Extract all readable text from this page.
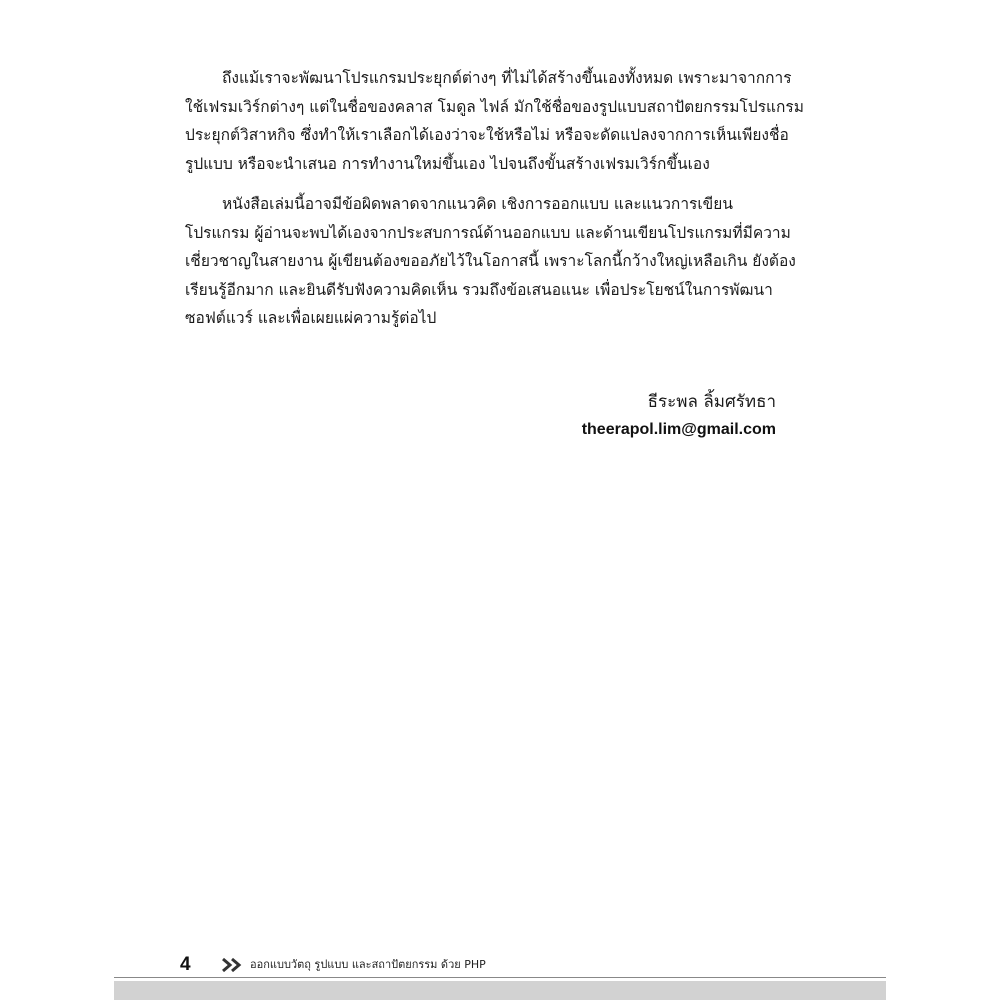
ถึงแม้เราจะพัฒนาโปรแกรมประยุกต์ต่างๆ ที่ไม่ได้สร้างขึ้นเองทั้งหมด เพราะมาจากการ
ใช้เฟรมเวิร์กต่างๆ แต่ในชื่อของคลาส โมดูล ไฟล์ มักใช้ชื่อของรูปแบบสถาปัตยกรรมโปรแกรม
ประยุกต์วิสาหกิจ ซึ่งทำให้เราเลือกได้เองว่าจะใช้หรือไม่ หรือจะดัดแปลงจากการเห็นเพียงชื่อ
รูปแบบ หรือจะนำเสนอ การทำงานใหม่ขึ้นเอง ไปจนถึงขั้นสร้างเฟรมเวิร์กขึ้นเอง

หนังสือเล่มนี้อาจมีข้อผิดพลาดจากแนวคิด เชิงการออกแบบ และแนวการเขียน
โปรแกรม ผู้อ่านจะพบได้เองจากประสบการณ์ด้านออกแบบ และด้านเขียนโปรแกรมที่มีความ
เชี่ยวชาญในสายงาน ผู้เขียนต้องขออภัยไว้ในโอกาสนี้ เพราะโลกนี้กว้างใหญ่เหลือเกิน ยังต้อง
เรียนรู้อีกมาก และยินดีรับฟังความคิดเห็น รวมถึงข้อเสนอแนะ เพื่อประโยชน์ในการพัฒนา
ซอฟต์แวร์ และเพื่อเผยแผ่ความรู้ต่อไป

ธีระพล ลิ้มศรัทธา
theerapol.lim@gmail.com
4	ออกแบบวัตถุ รูปแบบ และสถาปัตยกรรม ด้วย PHP
